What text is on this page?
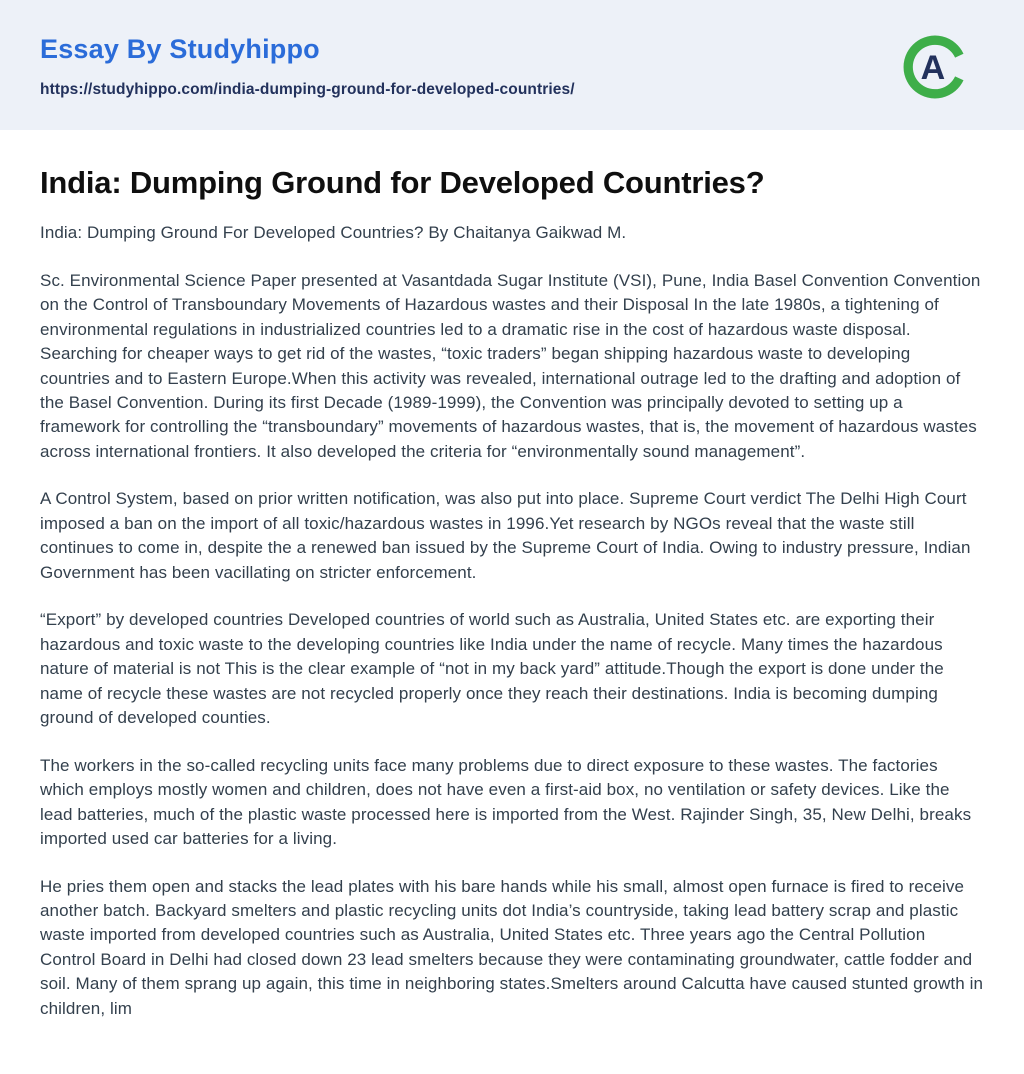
Essay By Studyhippo
https://studyhippo.com/india-dumping-ground-for-developed-countries/
A
India: Dumping Ground for Developed Countries?

India: Dumping Ground For Developed Countries? By Chaitanya Gaikwad M.

Sc. Environmental Science Paper presented at Vasantdada Sugar Institute (VSI), Pune, India Basel Convention Convention on the Control of Transboundary Movements of Hazardous wastes and their Disposal In the late 1980s, a tightening of environmental regulations in industrialized countries led to a dramatic rise in the cost of hazardous waste disposal. Searching for cheaper ways to get rid of the wastes, “toxic traders” began shipping hazardous waste to developing countries and to Eastern Europe.When this activity was revealed, international outrage led to the drafting and adoption of the Basel Convention. During its first Decade (1989-1999), the Convention was principally devoted to setting up a framework for controlling the “transboundary” movements of hazardous wastes, that is, the movement of hazardous wastes across international frontiers. It also developed the criteria for “environmentally sound management”.

A Control System, based on prior written notification, was also put into place. Supreme Court verdict The Delhi High Court imposed a ban on the import of all toxic/hazardous wastes in 1996.Yet research by NGOs reveal that the waste still continues to come in, despite the a renewed ban issued by the Supreme Court of India. Owing to industry pressure, Indian Government has been vacillating on stricter enforcement.

“Export” by developed countries Developed countries of world such as Australia, United States etc. are exporting their hazardous and toxic waste to the developing countries like India under the name of recycle. Many times the hazardous nature of material is not This is the clear example of “not in my back yard” attitude.Though the export is done under the name of recycle these wastes are not recycled properly once they reach their destinations. India is becoming dumping ground of developed counties.

The workers in the so-called recycling units face many problems due to direct exposure to these wastes. The factories which employs mostly women and children, does not have even a first-aid box, no ventilation or safety devices. Like the lead batteries, much of the plastic waste processed here is imported from the West. Rajinder Singh, 35, New Delhi, breaks imported used car batteries for a living.

He pries them open and stacks the lead plates with his bare hands while his small, almost open furnace is fired to receive another batch. Backyard smelters and plastic recycling units dot India’s countryside, taking lead battery scrap and plastic waste imported from developed countries such as Australia, United States etc. Three years ago the Central Pollution Control Board in Delhi had closed down 23 lead smelters because they were contaminating groundwater, cattle fodder and soil. Many of them sprang up again, this time in neighboring states.Smelters around Calcutta have caused stunted growth in children, lim
